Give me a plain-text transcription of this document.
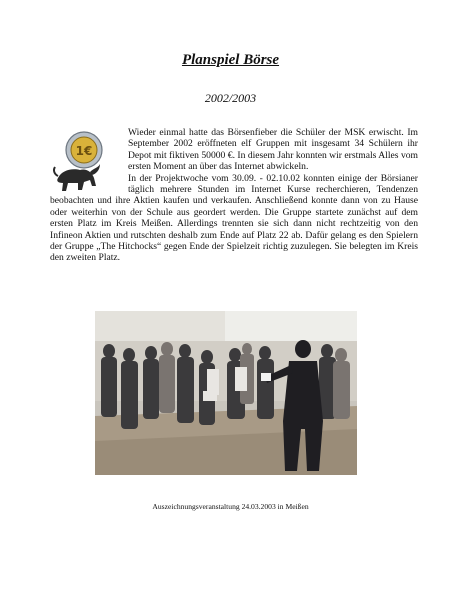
Planspiel Börse
2002/2003
1€

Wieder einmal hatte das Börsenfieber die Schüler der MSK erwischt. Im September 2002 eröffneten elf Gruppen mit insgesamt 34 Schülern ihr Depot mit fiktiven 50000 €. In diesem Jahr konnten wir erstmals Alles vom ersten Moment an über das Internet abwickeln.

In der Projektwoche vom 30.09. - 02.10.02 konnten einige der Börsianer täglich mehrere Stunden im Internet Kurse recherchieren, Tendenzen beobachten und ihre Aktien kaufen und verkaufen. Anschließend konnte dann von zu Hause oder weiterhin von der Schule aus geordert werden. Die Gruppe startete zunächst auf dem ersten Platz im Kreis Meißen. Allerdings trennten sie sich dann nicht rechtzeitig von den Infineon Aktien und rutschten deshalb zum Ende auf Platz 22 ab. Dafür gelang es den Spielern der Gruppe „The Hitchocks“ gegen Ende der Spielzeit richtig zuzulegen. Sie belegten im Kreis den zweiten Platz.

Auszeichnungsveranstaltung 24.03.2003 in Meißen
